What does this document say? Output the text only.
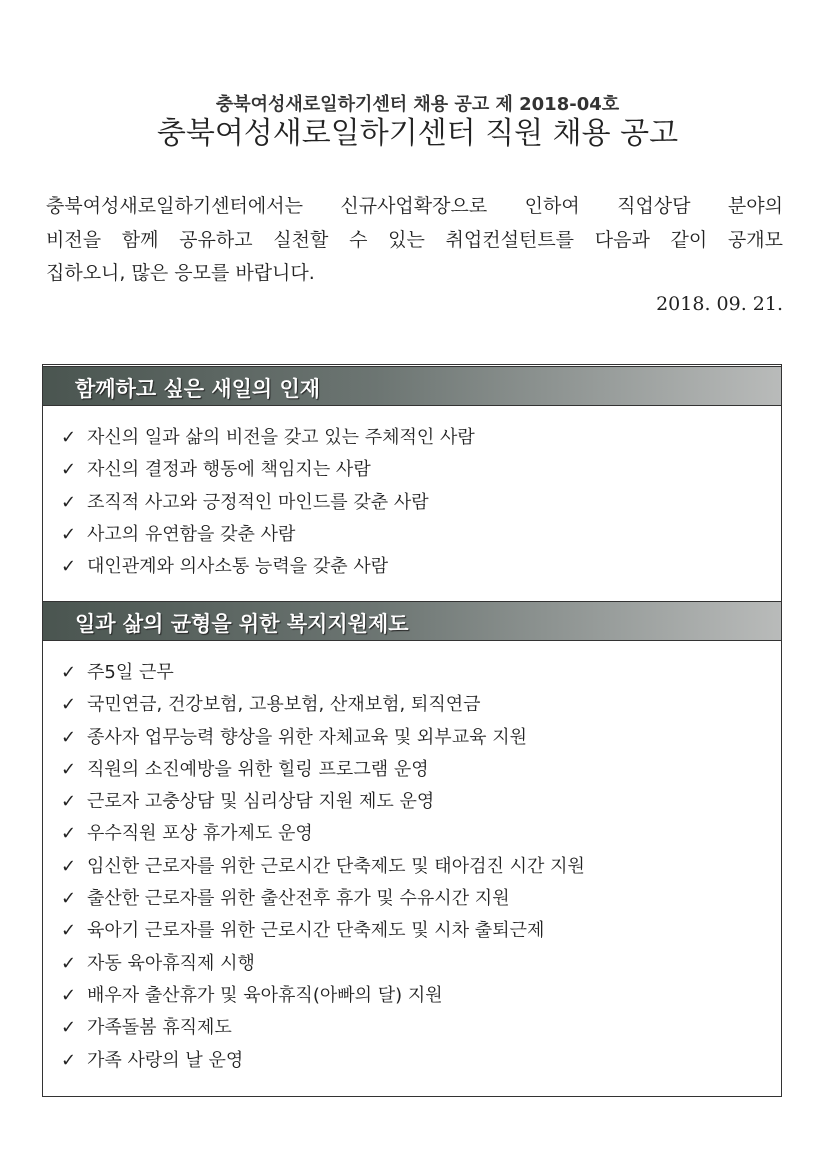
충북여성새로일하기센터 채용 공고 제 2018-04호
충북여성새로일하기센터 직원 채용 공고
충북여성새로일하기센터에서는 신규사업확장으로 인하여 직업상담 분야의
비전을 함께 공유하고 실천할 수 있는 취업컨설턴트를 다음과 같이 공개모
집하오니, 많은 응모를 바랍니다.
2018. 09. 21.
함께하고 싶은 새일의 인재
✓ 자신의 일과 삶의 비전을 갖고 있는 주체적인 사람
✓ 자신의 결정과 행동에 책임지는 사람
✓ 조직적 사고와 긍정적인 마인드를 갖춘 사람
✓ 사고의 유연함을 갖춘 사람
✓ 대인관계와 의사소통 능력을 갖춘 사람
일과 삶의 균형을 위한 복지지원제도
✓ 주5일 근무
✓ 국민연금, 건강보험, 고용보험, 산재보험, 퇴직연금
✓ 종사자 업무능력 향상을 위한 자체교육 및 외부교육 지원
✓ 직원의 소진예방을 위한 힐링 프로그램 운영
✓ 근로자 고충상담 및 심리상담 지원 제도 운영
✓ 우수직원 포상 휴가제도 운영
✓ 임신한 근로자를 위한 근로시간 단축제도 및 태아검진 시간 지원
✓ 출산한 근로자를 위한 출산전후 휴가 및 수유시간 지원
✓ 육아기 근로자를 위한 근로시간 단축제도 및 시차 출퇴근제
✓ 자동 육아휴직제 시행
✓ 배우자 출산휴가 및 육아휴직(아빠의 달) 지원
✓ 가족돌봄 휴직제도
✓ 가족 사랑의 날 운영
